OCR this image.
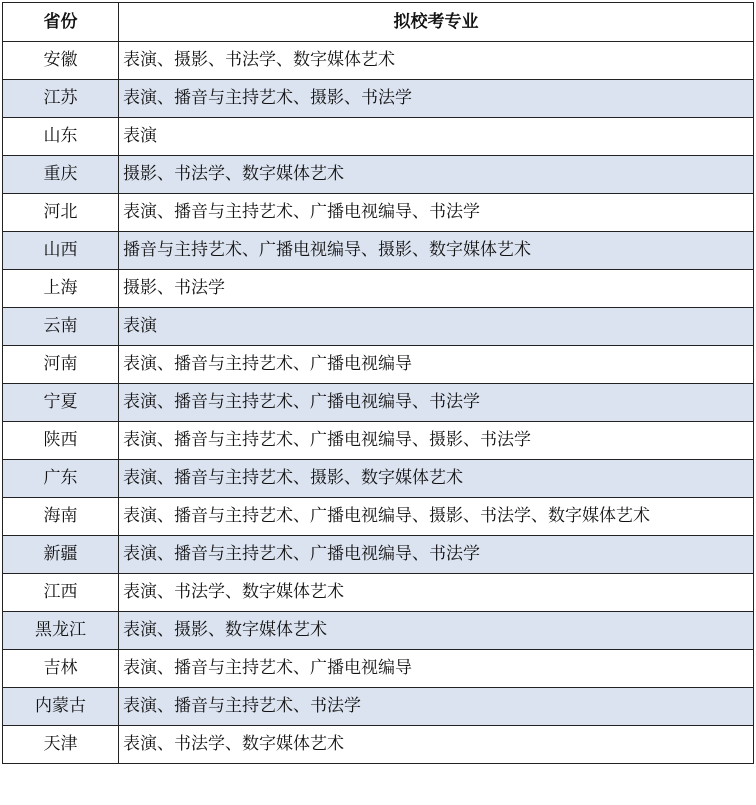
省份	拟校考专业
安徽	表演、摄影、书法学、数字媒体艺术
江苏	表演、播音与主持艺术、摄影、书法学
山东	表演
重庆	摄影、书法学、数字媒体艺术
河北	表演、播音与主持艺术、广播电视编导、书法学
山西	播音与主持艺术、广播电视编导、摄影、数字媒体艺术
上海	摄影、书法学
云南	表演
河南	表演、播音与主持艺术、广播电视编导
宁夏	表演、播音与主持艺术、广播电视编导、书法学
陕西	表演、播音与主持艺术、广播电视编导、摄影、书法学
广东	表演、播音与主持艺术、摄影、数字媒体艺术
海南	表演、播音与主持艺术、广播电视编导、摄影、书法学、数字媒体艺术
新疆	表演、播音与主持艺术、广播电视编导、书法学
江西	表演、书法学、数字媒体艺术
黑龙江	表演、摄影、数字媒体艺术
吉林	表演、播音与主持艺术、广播电视编导
内蒙古	表演、播音与主持艺术、书法学
天津	表演、书法学、数字媒体艺术
